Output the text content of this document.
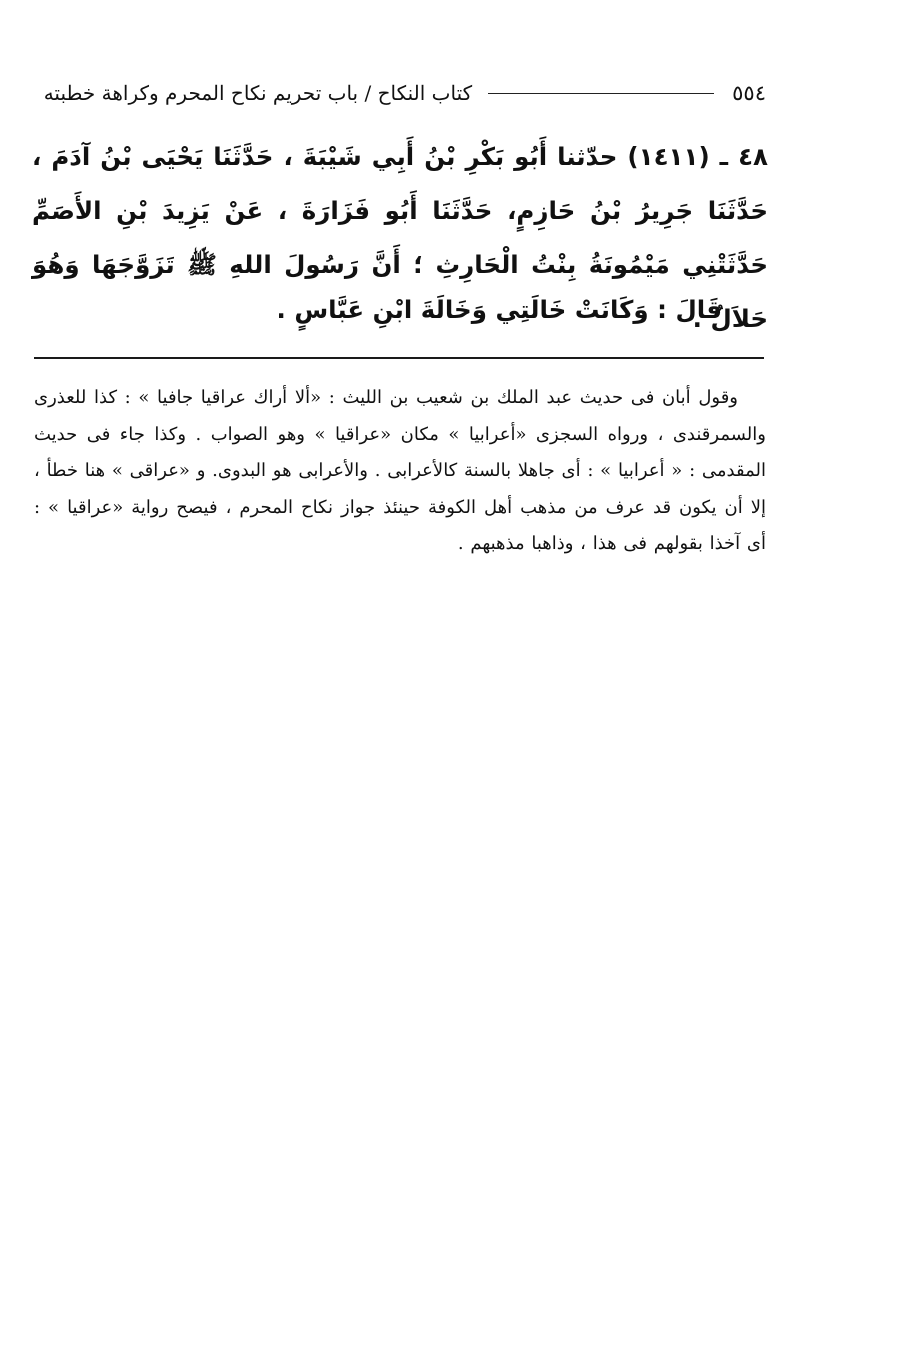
٥٥٤
كتاب النكاح / باب تحريم نكاح المحرم وكراهة خطبته

٤٨ ـ (١٤١١) حدّثنا أَبُو بَكْرِ بْنُ أَبِي شَيْبَةَ ، حَدَّثَنَا يَحْيَى بْنُ آدَمَ ، حَدَّثَنَا جَرِيرُ بْنُ حَازِمٍ، حَدَّثَنَا أَبُو فَزَارَةَ ، عَنْ يَزِيدَ بْنِ الأَصَمِّ حَدَّثَتْنِي مَيْمُونَةُ بِنْتُ الْحَارِثِ ؛ أَنَّ رَسُولَ اللهِ ﷺ تَزَوَّجَهَا وَهُوَ حَلاَلٌ .

قَالَ : وَكَانَتْ خَالَتِي وَخَالَةَ ابْنِ عَبَّاسٍ .

وقول أبان فى حديث عبد الملك بن شعيب بن الليث : «ألا أراك عراقيا جافيا » : كذا للعذرى والسمرقندى ، ورواه السجزى «أعرابيا » مكان «عراقيا » وهو الصواب . وكذا جاء فى حديث المقدمى : « أعرابيا » : أى جاهلا بالسنة كالأعرابى . والأعرابى هو البدوى. و «عراقى » هنا خطأ ، إلا أن يكون قد عرف من مذهب أهل الكوفة حينئذ جواز نكاح المحرم ، فيصح رواية «عراقيا » : أى آخذا بقولهم فى هذا ، وذاهبا مذهبهم .
